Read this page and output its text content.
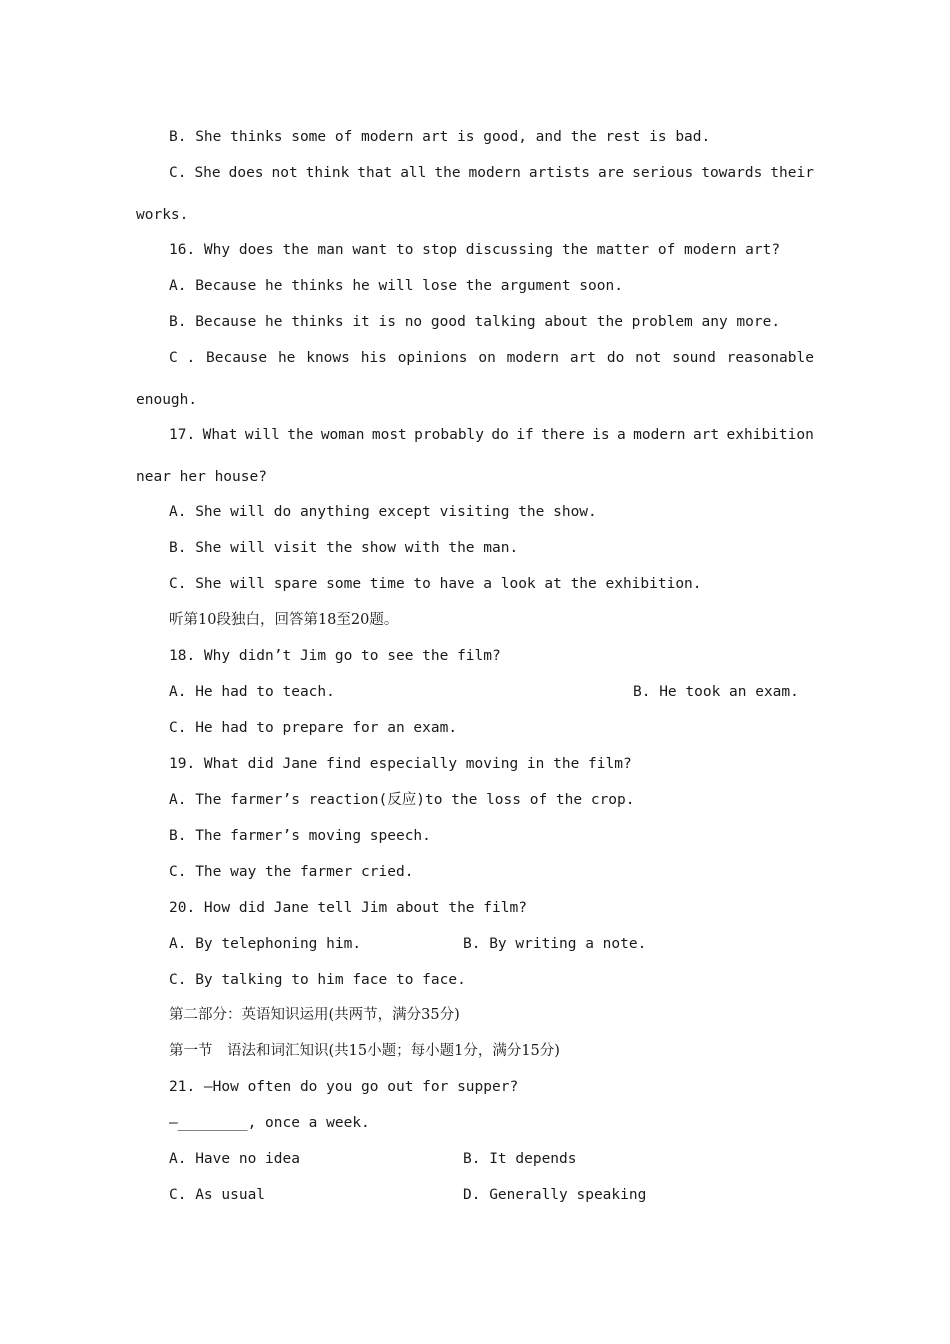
B. She thinks some of modern art is good, and the rest is bad.
C. She does not think that all the modern artists are serious towards their
works.
16. Why does the man want to stop discussing the matter of modern art?
A. Because he thinks he will lose the argument soon.
B. Because he thinks it is no good talking about the problem any more.
C . Because he knows his opinions on modern art do not sound reasonable
enough.
17. What will the woman most probably do if there is a modern art exhibition
near her house?
A. She will do anything except visiting the show.
B. She will visit the show with the man.
C. She will spare some time to have a look at the exhibition.
听第10段独白，回答第18至20题。
18. Why didn’t Jim go to see the film?
A. He had to teach.	B. He took an exam.
C. He had to prepare for an exam.
19. What did Jane find especially moving in the film?
A. The farmer’s reaction(反应)to the loss of the crop.
B. The farmer’s moving speech.
C. The way the farmer cried.
20. How did Jane tell Jim about the film?
A. By telephoning him.	B. By writing a note.
C. By talking to him face to face.
第二部分：英语知识运用(共两节，满分35分)
第一节　语法和词汇知识(共15小题；每小题1分，满分15分)
21. —How often do you go out for supper?
—________, once a week.
A. Have no idea	B. It depends
C. As usual	D. Generally speaking
